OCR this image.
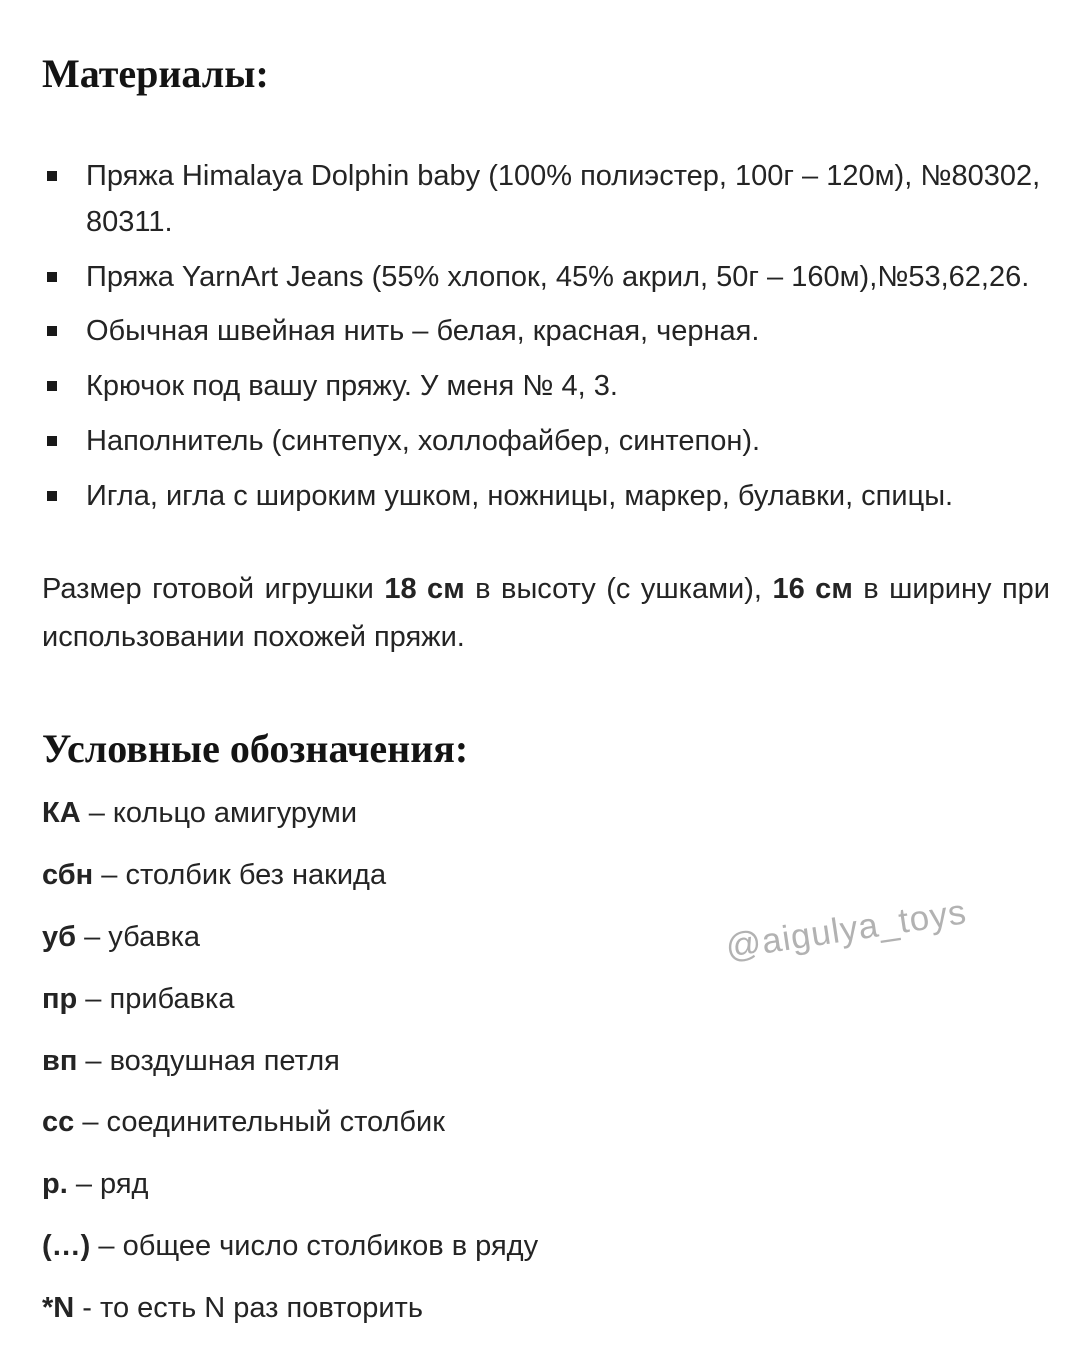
Материалы:
Пряжа Himalaya Dolphin baby (100% полиэстер, 100г – 120м), №80302, 80311.
Пряжа YarnArt Jeans (55% хлопок, 45% акрил, 50г – 160м),№53,62,26.
Обычная швейная нить – белая, красная, черная.
Крючок под вашу пряжу. У меня № 4, 3.
Наполнитель (синтепух, холлофайбер, синтепон).
Игла, игла с широким ушком, ножницы, маркер, булавки, спицы.

Размер готовой игрушки 18 см в высоту (с ушками), 16 см в ширину при использовании похожей пряжи.

Условные обозначения:

КА – кольцо амигуруми

сбн – столбик без накида

уб – убавка

пр – прибавка

вп – воздушная петля

сс – соединительный столбик

р. – ряд

(…) – общее число столбиков в ряду

*N - то есть N раз повторить

@aigulya_toys
